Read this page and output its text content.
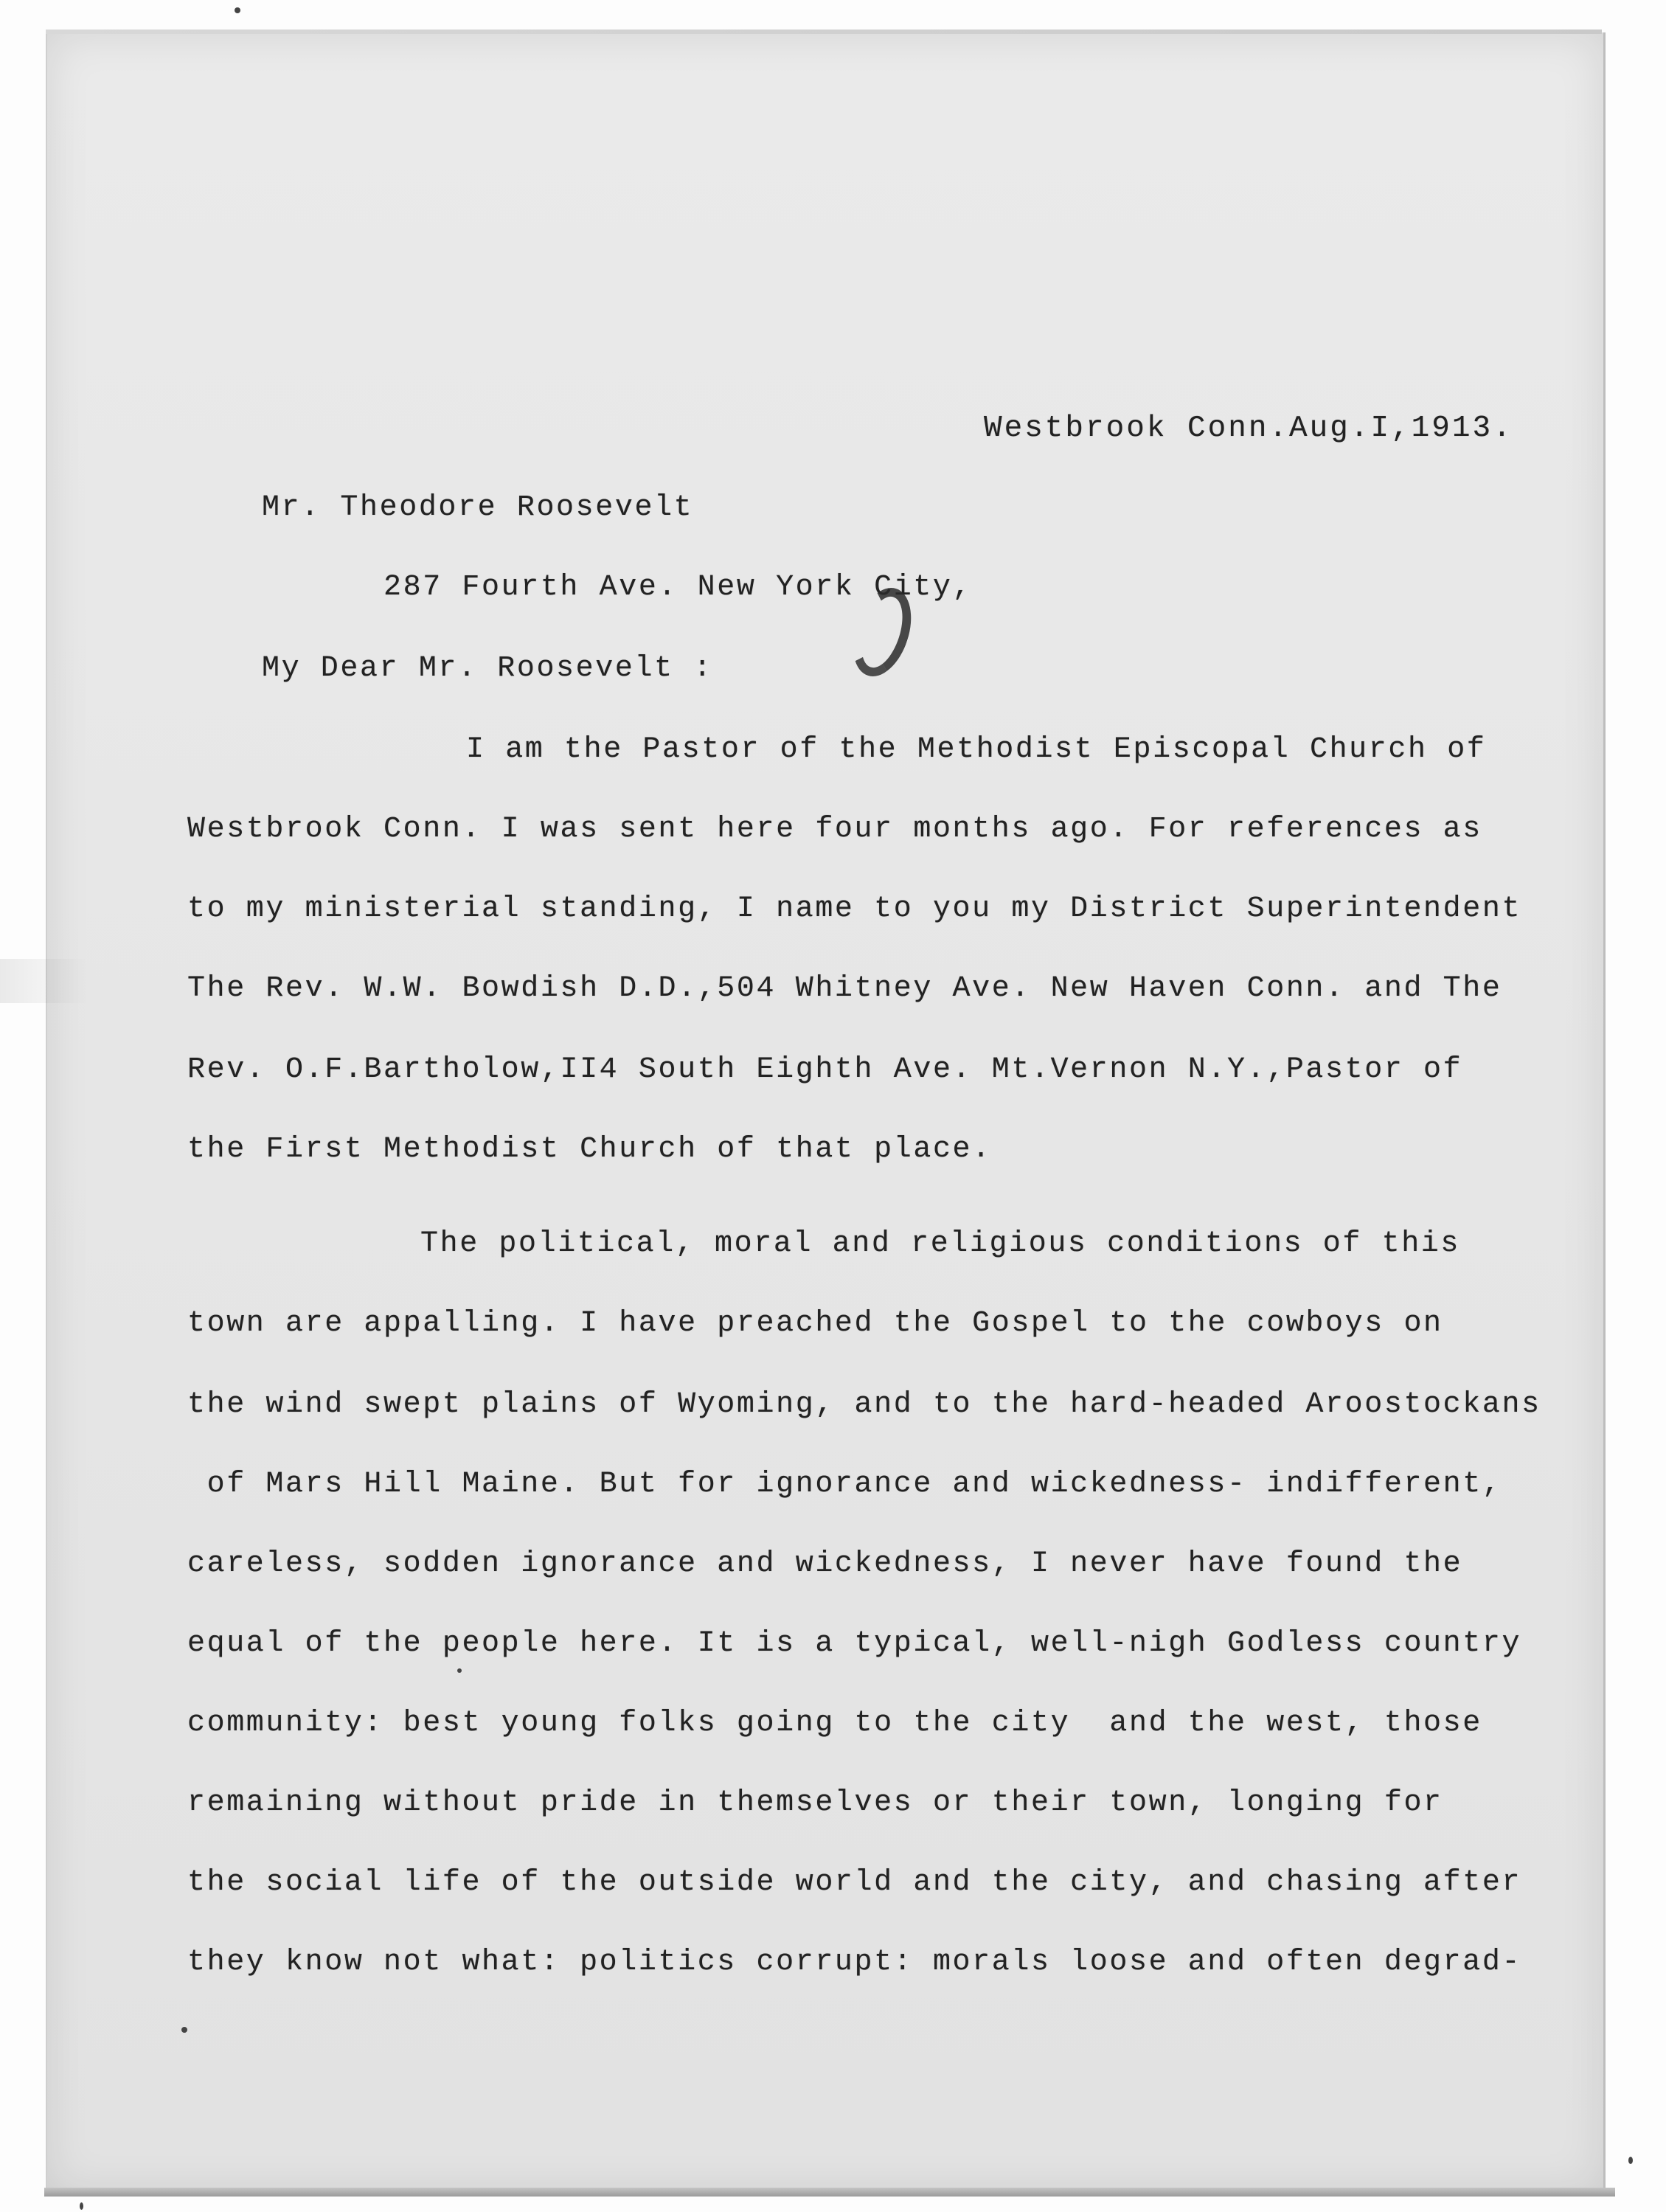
Westbrook Conn.Aug.I,1913.

Mr. Theodore Roosevelt

287 Fourth Ave. New York City,

My Dear Mr. Roosevelt :

I am the Pastor of the Methodist Episcopal Church of

Westbrook Conn. I was sent here four months ago. For references as

to my ministerial standing, I name to you my District Superintendent

The Rev. W.W. Bowdish D.D.,504 Whitney Ave. New Haven Conn. and The

Rev. O.F.Bartholow,II4 South Eighth Ave. Mt.Vernon N.Y.,Pastor of

the First Methodist Church of that place.

The political, moral and religious conditions of this

town are appalling. I have preached the Gospel to the cowboys on

the wind swept plains of Wyoming, and to the hard-headed Aroostockans

of Mars Hill Maine. But for ignorance and wickedness- indifferent,

careless, sodden ignorance and wickedness, I never have found the

equal of the people here. It is a typical, well-nigh Godless country

community: best young folks going to the city  and the west, those

remaining without pride in themselves or their town, longing for

the social life of the outside world and the city, and chasing after

they know not what: politics corrupt: morals loose and often degrad-
